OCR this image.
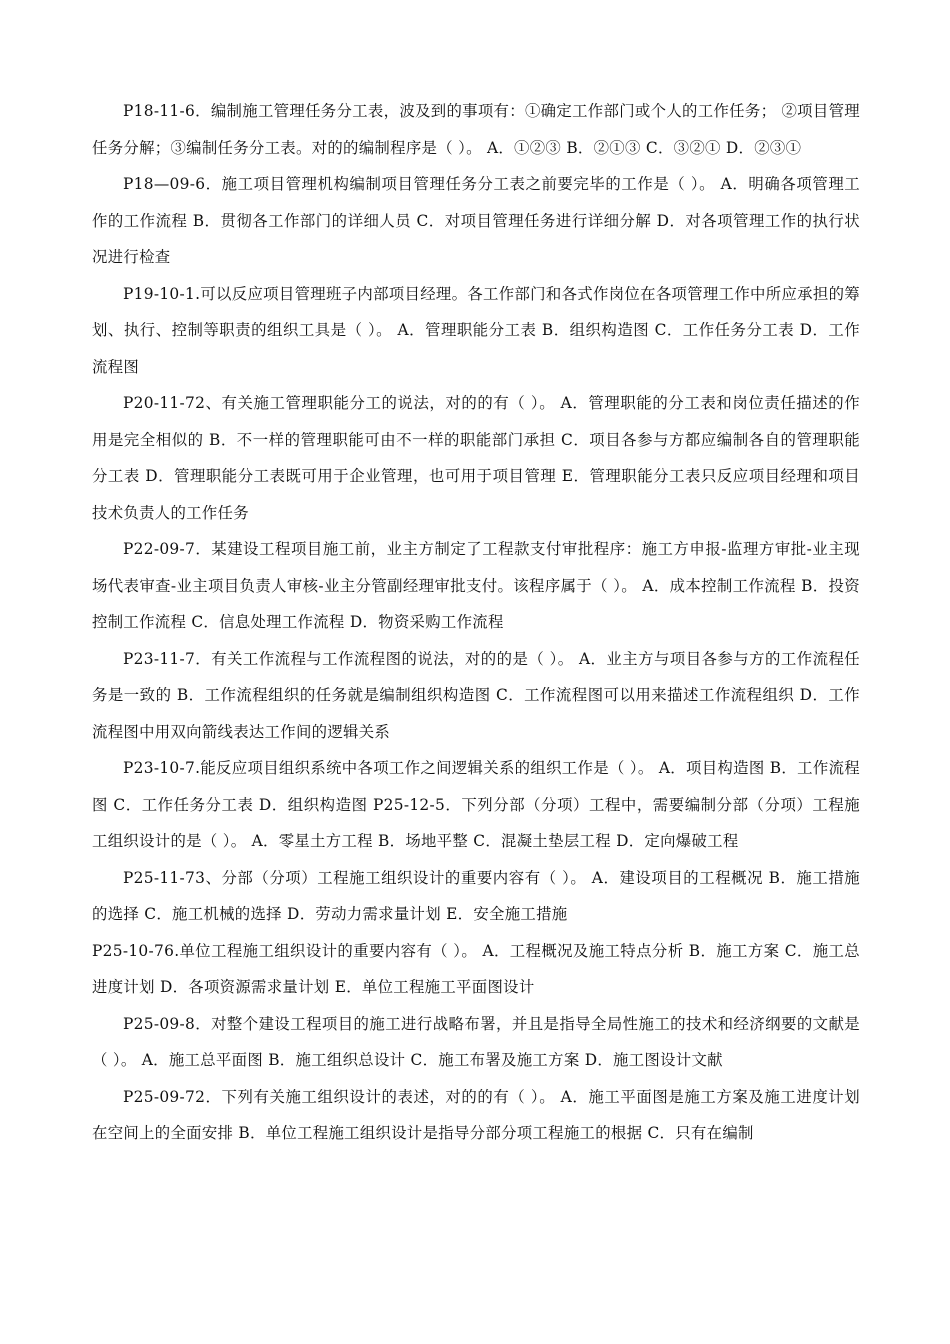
P18-11-6．编制施工管理任务分工表，波及到的事项有：①确定工作部门或个人的工作任务； ②项目管理任务分解；③编制任务分工表。对的的编制程序是（ ）。 A．①②③ B．②①③ C．③②① D．②③①

P18—09-6．施工项目管理机构编制项目管理任务分工表之前要完毕的工作是（ ）。 A．明确各项管理工作的工作流程 B．贯彻各工作部门的详细人员 C．对项目管理任务进行详细分解 D．对各项管理工作的执行状况进行检查

P19-10-1.可以反应项目管理班子内部项目经理。各工作部门和各式作岗位在各项管理工作中所应承担的筹划、执行、控制等职责的组织工具是（ ）。 A．管理职能分工表 B．组织构造图 C．工作任务分工表 D．工作流程图

P20-11-72、有关施工管理职能分工的说法，对的的有（ ）。 A．管理职能的分工表和岗位责任描述的作用是完全相似的 B．不一样的管理职能可由不一样的职能部门承担 C．项目各参与方都应编制各自的管理职能分工表 D．管理职能分工表既可用于企业管理，也可用于项目管理 E．管理职能分工表只反应项目经理和项目技术负责人的工作任务

P22-09-7．某建设工程项目施工前，业主方制定了工程款支付审批程序：施工方申报-监理方审批-业主现场代表审查-业主项目负责人审核-业主分管副经理审批支付。该程序属于（ ）。 A．成本控制工作流程 B．投资控制工作流程 C．信息处理工作流程 D．物资采购工作流程

P23-11-7．有关工作流程与工作流程图的说法，对的的是（ ）。 A．业主方与项目各参与方的工作流程任务是一致的 B．工作流程组织的任务就是编制组织构造图 C．工作流程图可以用来描述工作流程组织 D．工作流程图中用双向箭线表达工作间的逻辑关系

P23-10-7.能反应项目组织系统中各项工作之间逻辑关系的组织工作是（ ）。 A．项目构造图 B．工作流程图 C．工作任务分工表 D．组织构造图 P25-12-5．下列分部（分项）工程中，需要编制分部（分项）工程施工组织设计的是（ ）。 A．零星土方工程 B．场地平整 C．混凝土垫层工程 D．定向爆破工程

P25-11-73、分部（分项）工程施工组织设计的重要内容有（ ）。 A．建设项目的工程概况 B．施工措施的选择 C．施工机械的选择 D．劳动力需求量计划 E．安全施工措施

P25-10-76.单位工程施工组织设计的重要内容有（ ）。 A．工程概况及施工特点分析 B．施工方案 C．施工总进度计划 D．各项资源需求量计划 E．单位工程施工平面图设计

P25-09-8．对整个建设工程项目的施工进行战略布署，并且是指导全局性施工的技术和经济纲要的文献是（ ）。 A．施工总平面图 B．施工组织总设计 C．施工布署及施工方案 D．施工图设计文献

P25-09-72．下列有关施工组织设计的表述，对的的有（ ）。 A．施工平面图是施工方案及施工进度计划在空间上的全面安排 B．单位工程施工组织设计是指导分部分项工程施工的根据 C．只有在编制
